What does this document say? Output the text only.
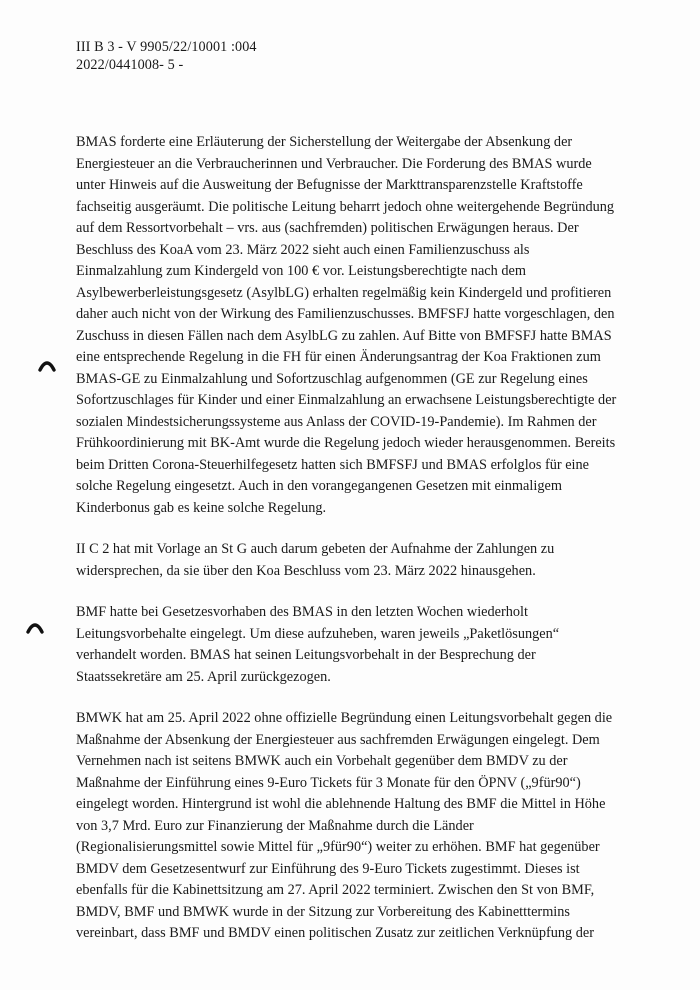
III B 3 - V 9905/22/10001 :004
2022/0441008- 5 -
BMAS forderte eine Erläuterung der Sicherstellung der Weitergabe der Absenkung der
Energiesteuer an die Verbraucherinnen und Verbraucher. Die Forderung des BMAS wurde
unter Hinweis auf die Ausweitung der Befugnisse der Markttransparenzstelle Kraftstoffe
fachseitig ausgeräumt. Die politische Leitung beharrt jedoch ohne weitergehende Begründung
auf dem Ressortvorbehalt – vrs. aus (sachfremden) politischen Erwägungen heraus. Der
Beschluss des KoaA vom 23. März 2022 sieht auch einen Familienzuschuss als
Einmalzahlung zum Kindergeld von 100 € vor. Leistungsberechtigte nach dem
Asylbewerberleistungsgesetz (AsylbLG) erhalten regelmäßig kein Kindergeld und profitieren
daher auch nicht von der Wirkung des Familienzuschusses. BMFSFJ hatte vorgeschlagen, den
Zuschuss in diesen Fällen nach dem AsylbLG zu zahlen. Auf Bitte von BMFSFJ hatte BMAS
eine entsprechende Regelung in die FH für einen Änderungsantrag der Koa Fraktionen zum
BMAS-GE zu Einmalzahlung und Sofortzuschlag aufgenommen (GE zur Regelung eines
Sofortzuschlages für Kinder und einer Einmalzahlung an erwachsene Leistungsberechtigte der
sozialen Mindestsicherungssysteme aus Anlass der COVID-19-Pandemie). Im Rahmen der
Frühkoordinierung mit BK-Amt wurde die Regelung jedoch wieder herausgenommen. Bereits
beim Dritten Corona-Steuerhilfegesetz hatten sich BMFSFJ und BMAS erfolglos für eine
solche Regelung eingesetzt. Auch in den vorangegangenen Gesetzen mit einmaligem
Kinderbonus gab es keine solche Regelung.
II C 2 hat mit Vorlage an St G auch darum gebeten der Aufnahme der Zahlungen zu
widersprechen, da sie über den Koa Beschluss vom 23. März 2022 hinausgehen.
BMF hatte bei Gesetzesvorhaben des BMAS in den letzten Wochen wiederholt
Leitungsvorbehalte eingelegt. Um diese aufzuheben, waren jeweils „Paketlösungen“
verhandelt worden. BMAS hat seinen Leitungsvorbehalt in der Besprechung der
Staatssekretäre am 25. April zurückgezogen.
BMWK hat am 25. April 2022 ohne offizielle Begründung einen Leitungsvorbehalt gegen die
Maßnahme der Absenkung der Energiesteuer aus sachfremden Erwägungen eingelegt. Dem
Vernehmen nach ist seitens BMWK auch ein Vorbehalt gegenüber dem BMDV zu der
Maßnahme der Einführung eines 9-Euro Tickets für 3 Monate für den ÖPNV („9für90“)
eingelegt worden. Hintergrund ist wohl die ablehnende Haltung des BMF die Mittel in Höhe
von 3,7 Mrd. Euro zur Finanzierung der Maßnahme durch die Länder
(Regionalisierungsmittel sowie Mittel für „9für90“) weiter zu erhöhen. BMF hat gegenüber
BMDV dem Gesetzesentwurf zur Einführung des 9-Euro Tickets zugestimmt. Dieses ist
ebenfalls für die Kabinettsitzung am 27. April 2022 terminiert. Zwischen den St von BMF,
BMDV, BMF und BMWK wurde in der Sitzung zur Vorbereitung des Kabinetttermins
vereinbart, dass BMF und BMDV einen politischen Zusatz zur zeitlichen Verknüpfung der
